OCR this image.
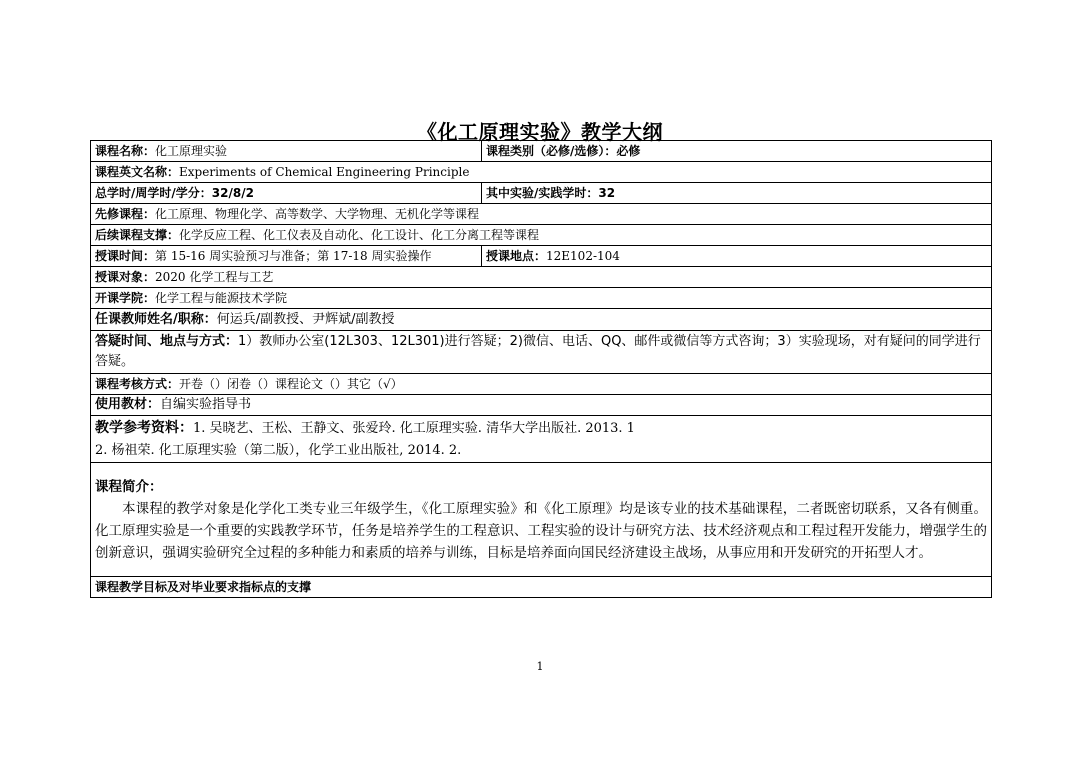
《化工原理实验》教学大纲
课程名称：化工原理实验	课程类别（必修/选修）：必修
课程英文名称：Experiments of Chemical Engineering Principle	
总学时/周学时/学分：32/8/2	其中实验/实践学时：32
先修课程：化工原理、物理化学、高等数学、大学物理、无机化学等课程	
后续课程支撑：化学反应工程、化工仪表及自动化、化工设计、化工分离工程等课程	
授课时间：第 15-16 周实验预习与准备；第 17-18 周实验操作	授课地点：12E102-104
授课对象：2020 化学工程与工艺	
开课学院：化学工程与能源技术学院	
任课教师姓名/职称：何运兵/副教授、尹辉斌/副教授	
答疑时间、地点与方式：1）教师办公室(12L303、12L301)进行答疑；2)微信、电话、QQ、邮件或微信等方式咨询；3）实验现场，对有疑问的同学进行答疑。	
课程考核方式：开卷（）闭卷（）课程论文（）其它（√）	
使用教材：自编实验指导书	

教学参考资料：1. 吴晓艺、王松、王静文、张爱玲. 化工原理实验. 清华大学出版社. 2013. 1
2. 杨祖荣. 化工原理实验（第二版），化学工业出版社, 2014. 2.	

课程简介：
本课程的教学对象是化学化工类专业三年级学生，《化工原理实验》和《化工原理》均是该专业的技术基础课程，二者既密切联系，又各有侧重。化工原理实验是一个重要的实践教学环节，任务是培养学生的工程意识、工程实验的设计与研究方法、技术经济观点和工程过程开发能力，增强学生的创新意识，强调实验研究全过程的多种能力和素质的培养与训练，目标是培养面向国民经济建设主战场，从事应用和开发研究的开拓型人才。	

课程教学目标及对毕业要求指标点的支撑	
1
